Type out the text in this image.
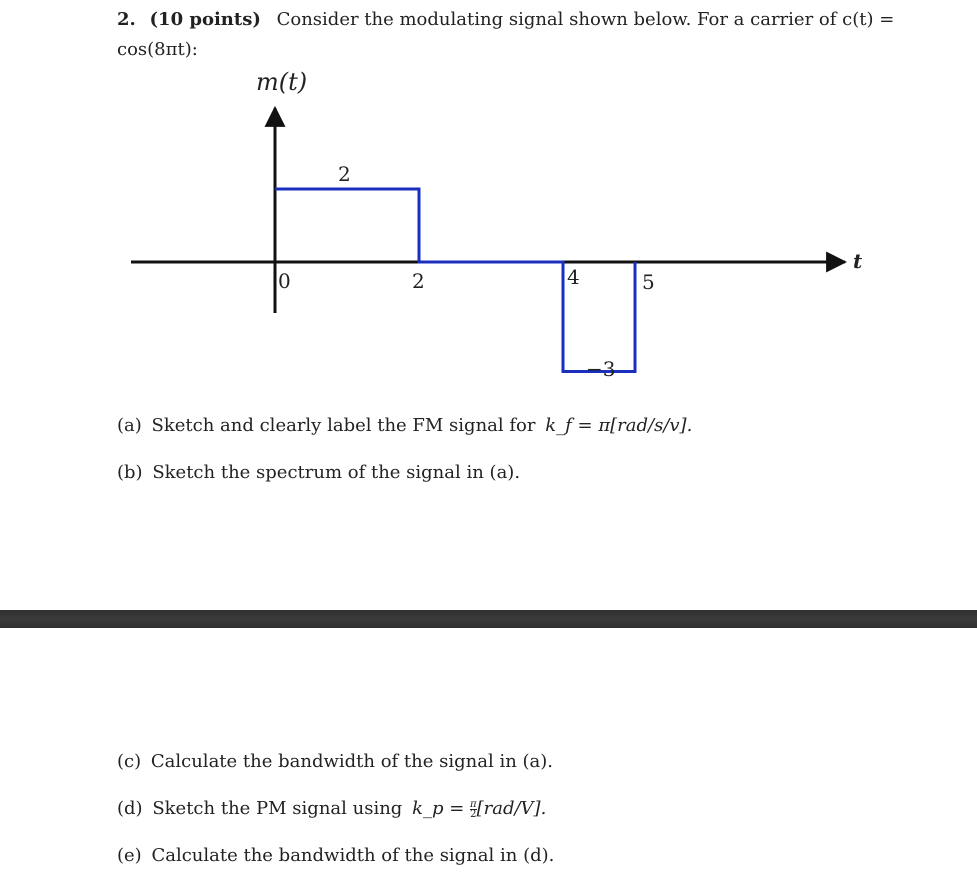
2. (10 points) Consider the modulating signal shown below. For a carrier of c(t) =
cos(8πt):
m(t)
t
0	2	4	5
2
−3
(a) Sketch and clearly label the FM signal for k_f = π[rad/s/v].
(b) Sketch the spectrum of the signal in (a).
(c) Calculate the bandwidth of the signal in (a).
(d) Sketch the PM signal using k_p = $\frac{\pi}{2} [rad/V]$.
(e) Calculate the bandwidth of the signal in (d).
